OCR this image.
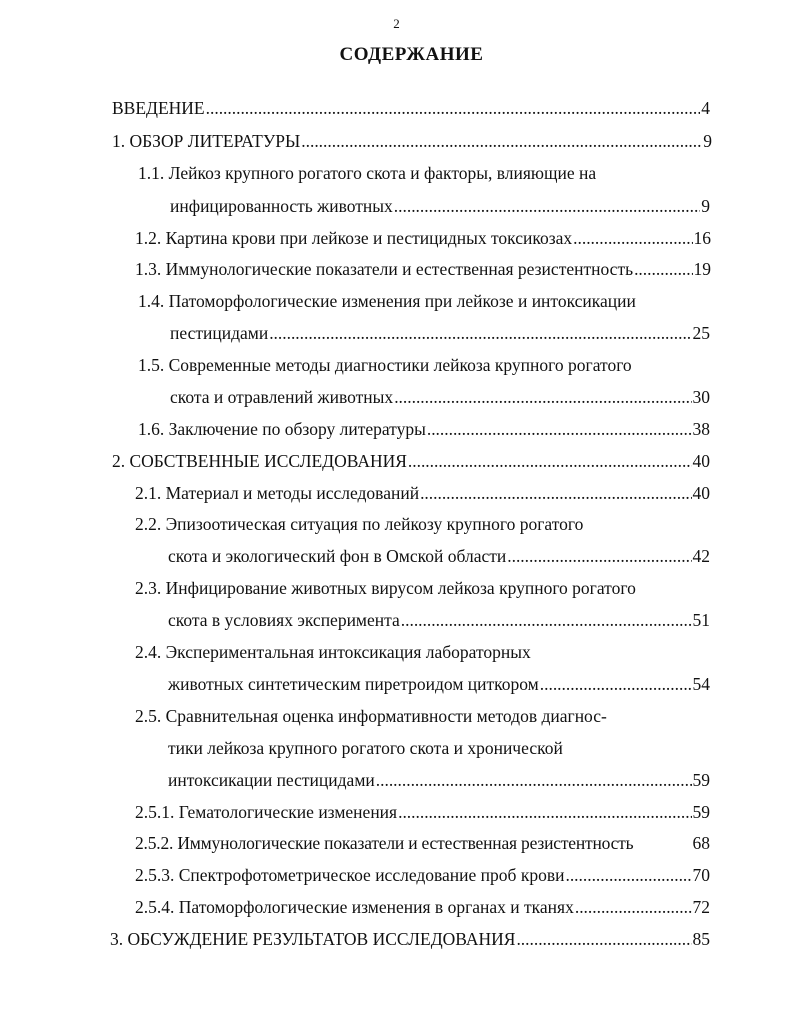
2
СОДЕРЖАНИЕ
ВВЕДЕНИЕ . . .	4
1. ОБЗОР ЛИТЕРАТУРЫ . . .	9
1.1. Лейкоз крупного рогатого скота и факторы, влияющие на
инфицированность животных . . .	9
1.2. Картина крови при лейкозе и пестицидных токсикозах . . .	16
1.3. Иммунологические показатели и естественная резистентность . . .	19
1.4. Патоморфологические изменения при лейкозе и интоксикации
пестицидами . . .	25
1.5. Современные методы диагностики лейкоза крупного рогатого
скота и отравлений животных . . .	30
1.6. Заключение по обзору литературы . . .	38
2. СОБСТВЕННЫЕ ИССЛЕДОВАНИЯ . . .	40
2.1. Материал и методы исследований . . .	40
2.2. Эпизоотическая ситуация по лейкозу крупного рогатого
скота и экологический фон в Омской области . . .	42
2.3. Инфицирование животных вирусом лейкоза крупного рогатого
скота в условиях эксперимента . . .	51
2.4. Экспериментальная интоксикация лабораторных
животных синтетическим пиретроидом циткором . . .	54
2.5. Сравнительная оценка информативности методов диагнос-
тики лейкоза крупного рогатого скота и хронической
интоксикации пестицидами . . .	59
2.5.1. Гематологические изменения . . .	59
2.5.2. Иммунологические показатели и естественная резистентность	68
2.5.3. Спектрофотометрическое исследование проб крови . . .	70
2.5.4. Патоморфологические изменения в органах и тканях . . .	72
3. ОБСУЖДЕНИЕ РЕЗУЛЬТАТОВ ИССЛЕДОВАНИЯ . . .	85
